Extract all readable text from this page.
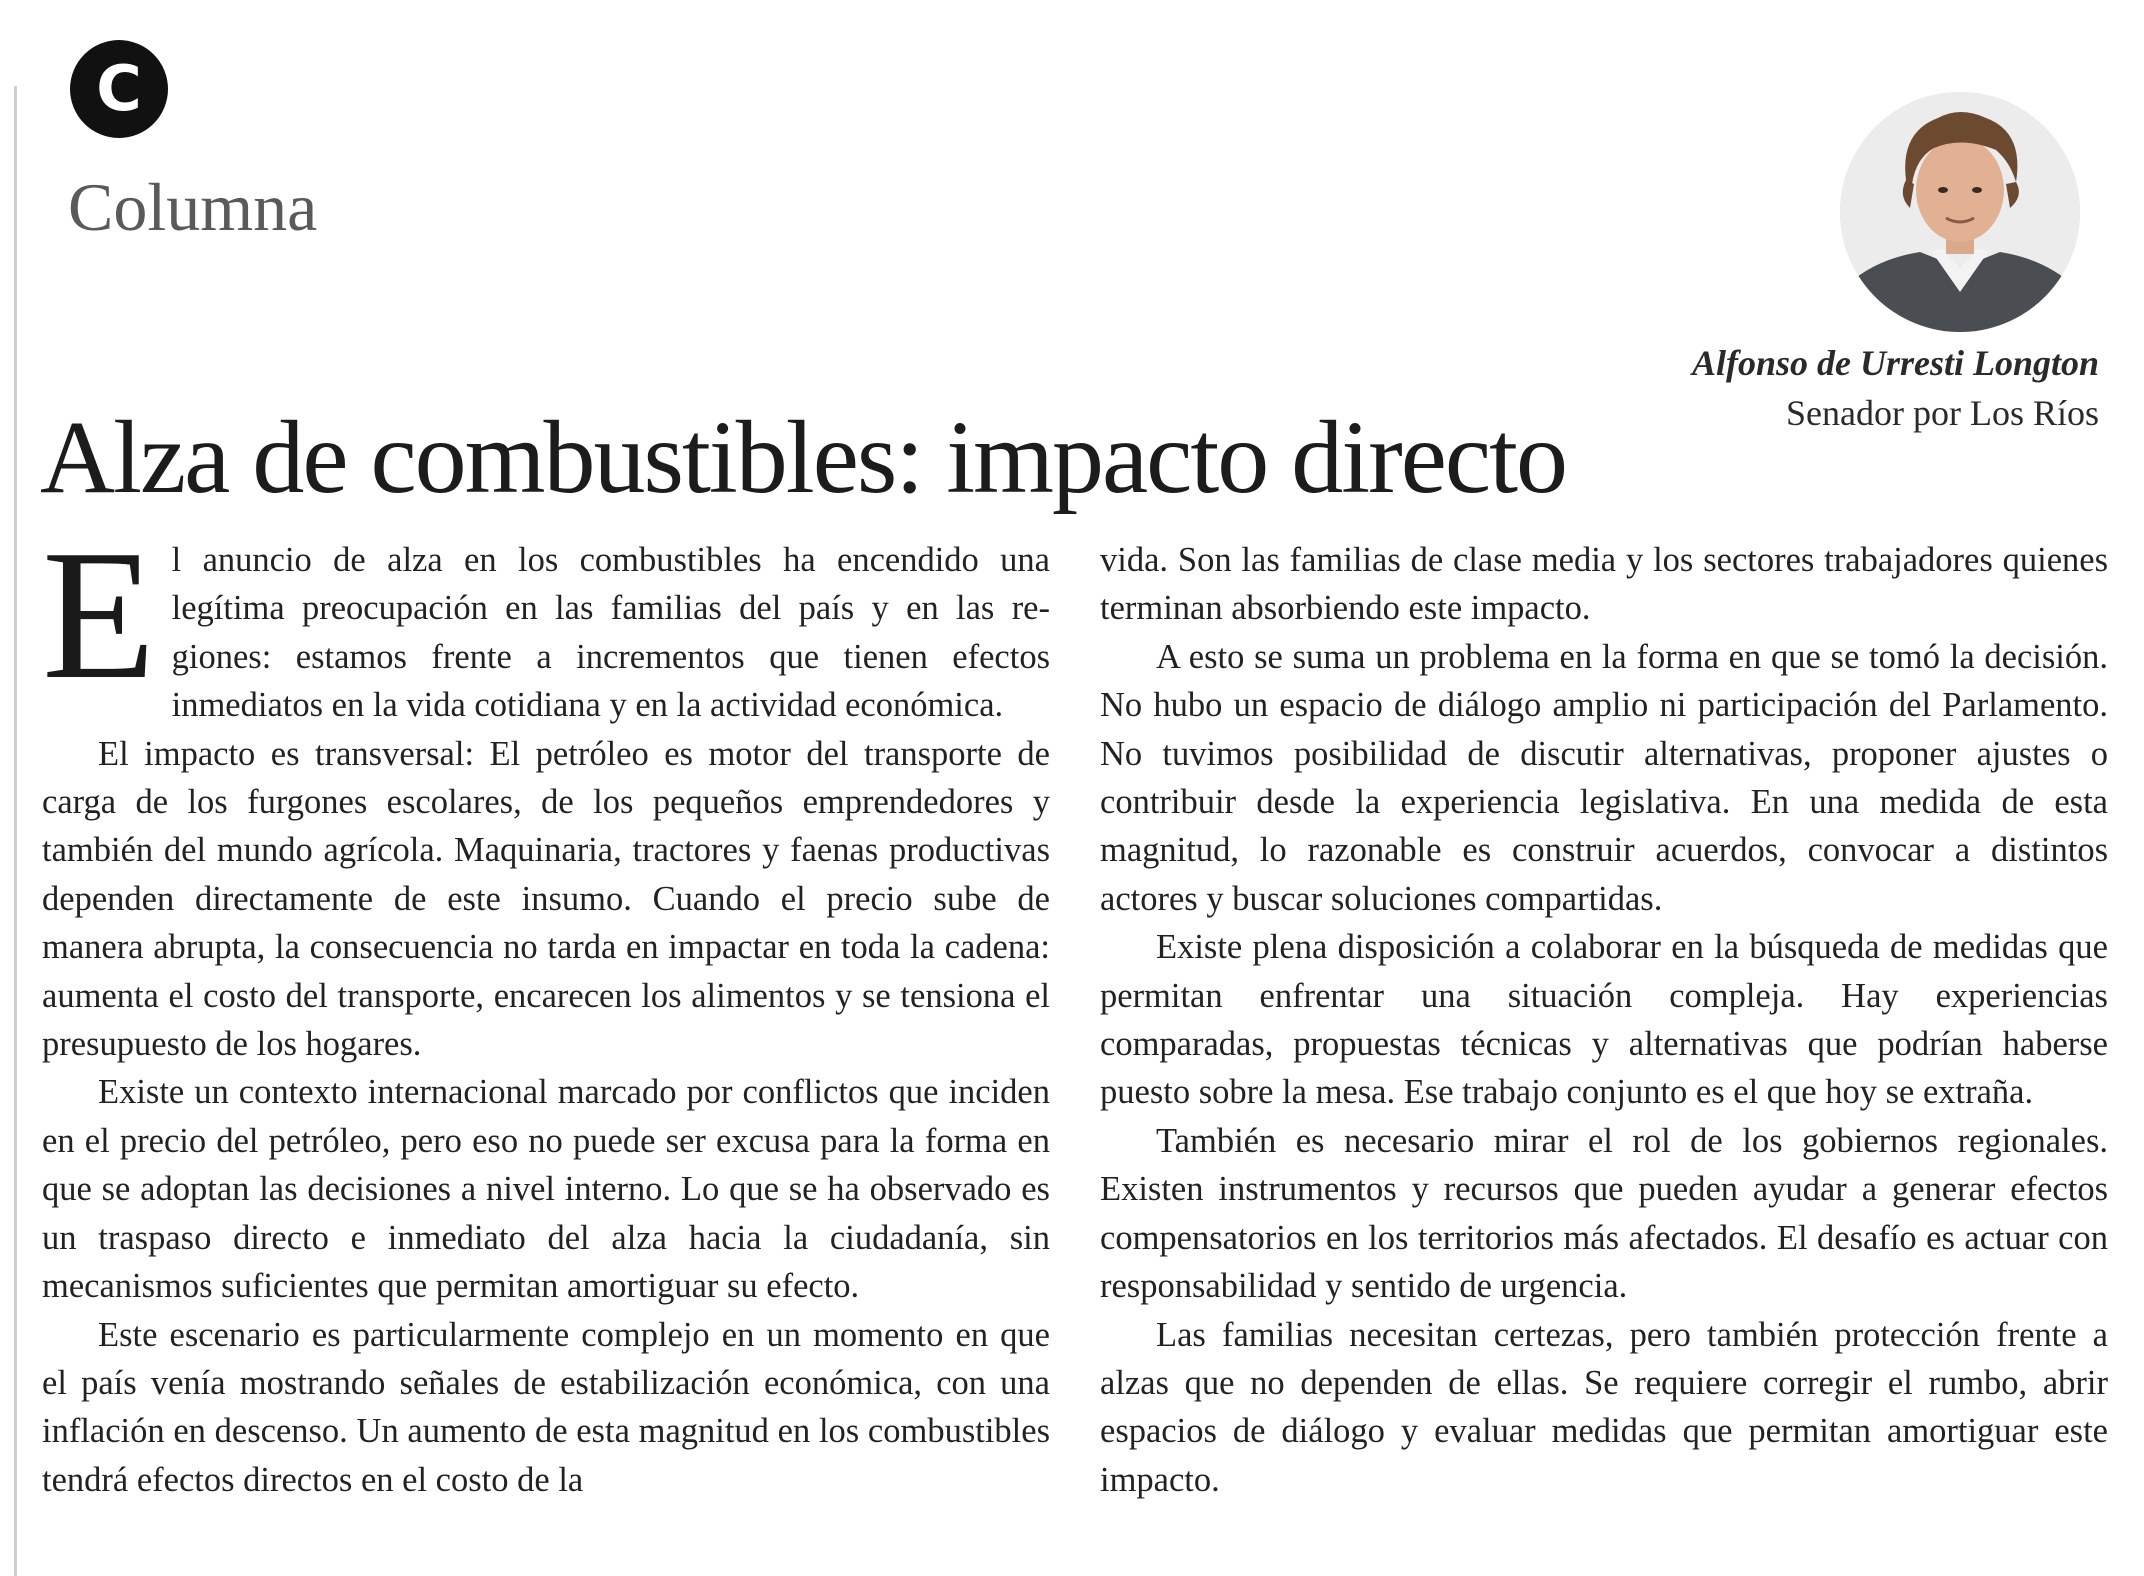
C
Columna
Alza de combustibles: impacto directo
Alfonso de Urresti Longton
Senador por Los Ríos

El anuncio de alza en los combustibles ha encendido una legítima preocupación en las familias del país y en las regiones: estamos frente a incrementos que tienen efectos inmediatos en la vida cotidiana y en la actividad económica.

El impacto es transversal: El petróleo es motor del transporte de carga de los furgones escolares, de los pequeños emprendedores y también del mundo agrícola. Maquinaria, tractores y faenas productivas dependen directamente de este insumo. Cuando el precio sube de manera abrupta, la consecuencia no tarda en impactar en toda la cadena: aumenta el costo del transporte, encarecen los alimentos y se tensiona el presupuesto de los hogares.

Existe un contexto internacional marcado por conflictos que inciden en el precio del petróleo, pero eso no puede ser excusa para la forma en que se adoptan las decisiones a nivel interno. Lo que se ha observado es un traspaso directo e inmediato del alza hacia la ciudadanía, sin mecanismos suficientes que permitan amortiguar su efecto.

Este escenario es particularmente complejo en un momento en que el país venía mostrando señales de estabilización económica, con una inflación en descenso. Un aumento de esta magnitud en los combustibles tendrá efectos directos en el costo de la

vida. Son las familias de clase media y los sectores trabajadores quienes terminan absorbiendo este impacto.

A esto se suma un problema en la forma en que se tomó la decisión. No hubo un espacio de diálogo amplio ni participación del Parlamento. No tuvimos posibilidad de discutir alternativas, proponer ajustes o contribuir desde la experiencia legislativa. En una medida de esta magnitud, lo razonable es construir acuerdos, convocar a distintos actores y buscar soluciones compartidas.

Existe plena disposición a colaborar en la búsqueda de medidas que permitan enfrentar una situación compleja. Hay experiencias comparadas, propuestas técnicas y alternativas que podrían haberse puesto sobre la mesa. Ese trabajo conjunto es el que hoy se extraña.

También es necesario mirar el rol de los gobiernos regionales. Existen instrumentos y recursos que pueden ayudar a generar efectos compensatorios en los territorios más afectados. El desafío es actuar con responsabilidad y sentido de urgencia.

Las familias necesitan certezas, pero también protección frente a alzas que no dependen de ellas. Se requiere corregir el rumbo, abrir espacios de diálogo y evaluar medidas que permitan amortiguar este impacto.
